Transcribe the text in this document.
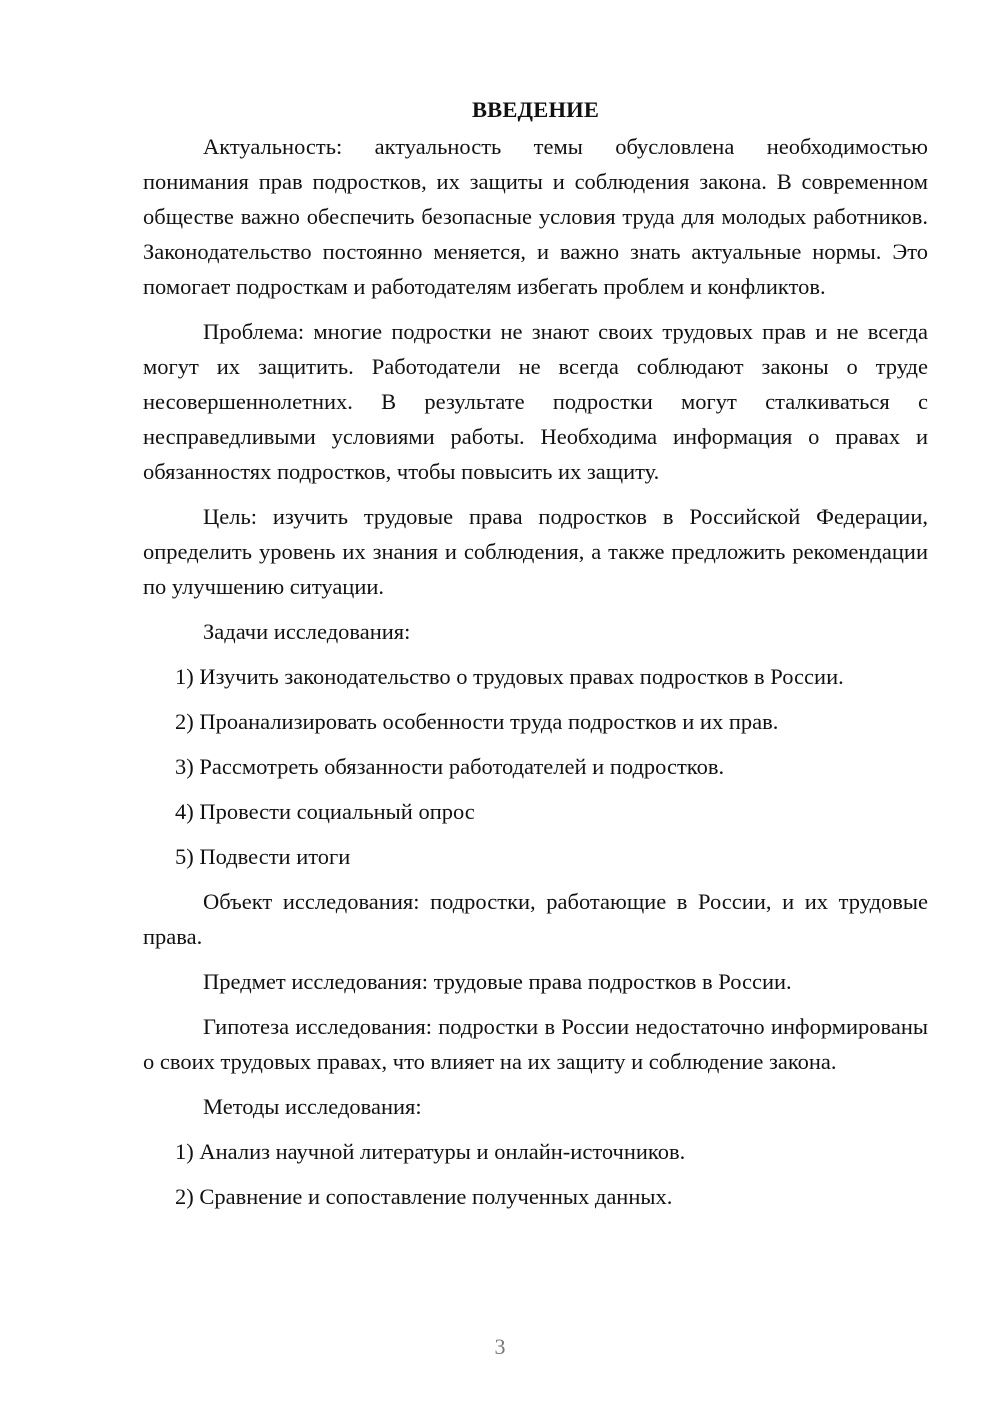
ВВЕДЕНИЕ

Актуальность: актуальность темы обусловлена необходимостью понимания прав подростков, их защиты и соблюдения закона. В современном обществе важно обеспечить безопасные условия труда для молодых работников. Законодательство постоянно меняется, и важно знать актуальные нормы. Это помогает подросткам и работодателям избегать проблем и конфликтов.

Проблема: многие подростки не знают своих трудовых прав и не всегда могут их защитить. Работодатели не всегда соблюдают законы о труде несовершеннолетних. В результате подростки могут сталкиваться с несправедливыми условиями работы. Необходима информация о правах и обязанностях подростков, чтобы повысить их защиту.

Цель: изучить трудовые права подростков в Российской Федерации, определить уровень их знания и соблюдения, а также предложить рекомендации по улучшению ситуации.

Задачи исследования:

1) Изучить законодательство о трудовых правах подростков в России.

2) Проанализировать особенности труда подростков и их прав.

3) Рассмотреть обязанности работодателей и подростков.

4) Провести социальный опрос

5) Подвести итоги

Объект исследования: подростки, работающие в России, и их трудовые права.

Предмет исследования: трудовые права подростков в России.

Гипотеза исследования: подростки в России недостаточно информированы о своих трудовых правах, что влияет на их защиту и соблюдение закона.

Методы исследования:

1) Анализ научной литературы и онлайн-источников.

2) Сравнение и сопоставление полученных данных.

3
